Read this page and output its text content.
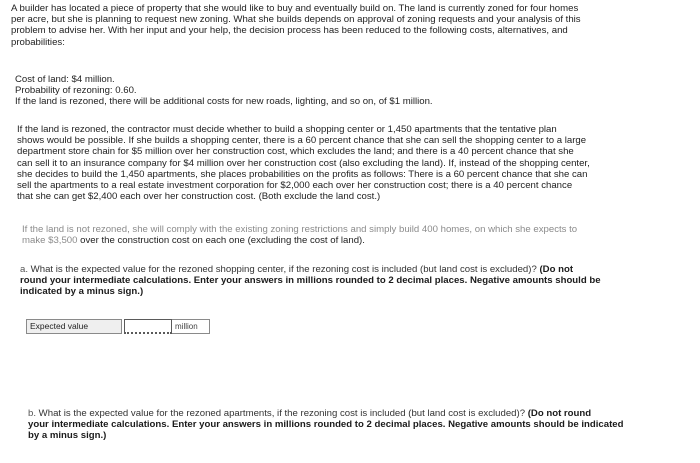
A builder has located a piece of property that she would like to buy and eventually build on. The land is currently zoned for four homes
per acre, but she is planning to request new zoning. What she builds depends on approval of zoning requests and your analysis of this
problem to advise her. With her input and your help, the decision process has been reduced to the following costs, alternatives, and
probabilities:
Cost of land: $4 million.
Probability of rezoning: 0.60.
If the land is rezoned, there will be additional costs for new roads, lighting, and so on, of $1 million.
If the land is rezoned, the contractor must decide whether to build a shopping center or 1,450 apartments that the tentative plan
shows would be possible. If she builds a shopping center, there is a 60 percent chance that she can sell the shopping center to a large
department store chain for $5 million over her construction cost, which excludes the land; and there is a 40 percent chance that she
can sell it to an insurance company for $4 million over her construction cost (also excluding the land). If, instead of the shopping center,
she decides to build the 1,450 apartments, she places probabilities on the profits as follows: There is a 60 percent chance that she can
sell the apartments to a real estate investment corporation for $2,000 each over her construction cost; there is a 40 percent chance
that she can get $2,400 each over her construction cost. (Both exclude the land cost.)
If the land is not rezoned, she will comply with the existing zoning restrictions and simply build 400 homes, on which she expects to
make $3,500 over the construction cost on each one (excluding the cost of land).
a. What is the expected value for the rezoned shopping center, if the rezoning cost is included (but land cost is excluded)? (Do not
round your intermediate calculations. Enter your answers in millions rounded to 2 decimal places. Negative amounts should be
indicated by a minus sign.)
Expected value	million
b. What is the expected value for the rezoned apartments, if the rezoning cost is included (but land cost is excluded)? (Do not round
your intermediate calculations. Enter your answers in millions rounded to 2 decimal places. Negative amounts should be indicated
by a minus sign.)
